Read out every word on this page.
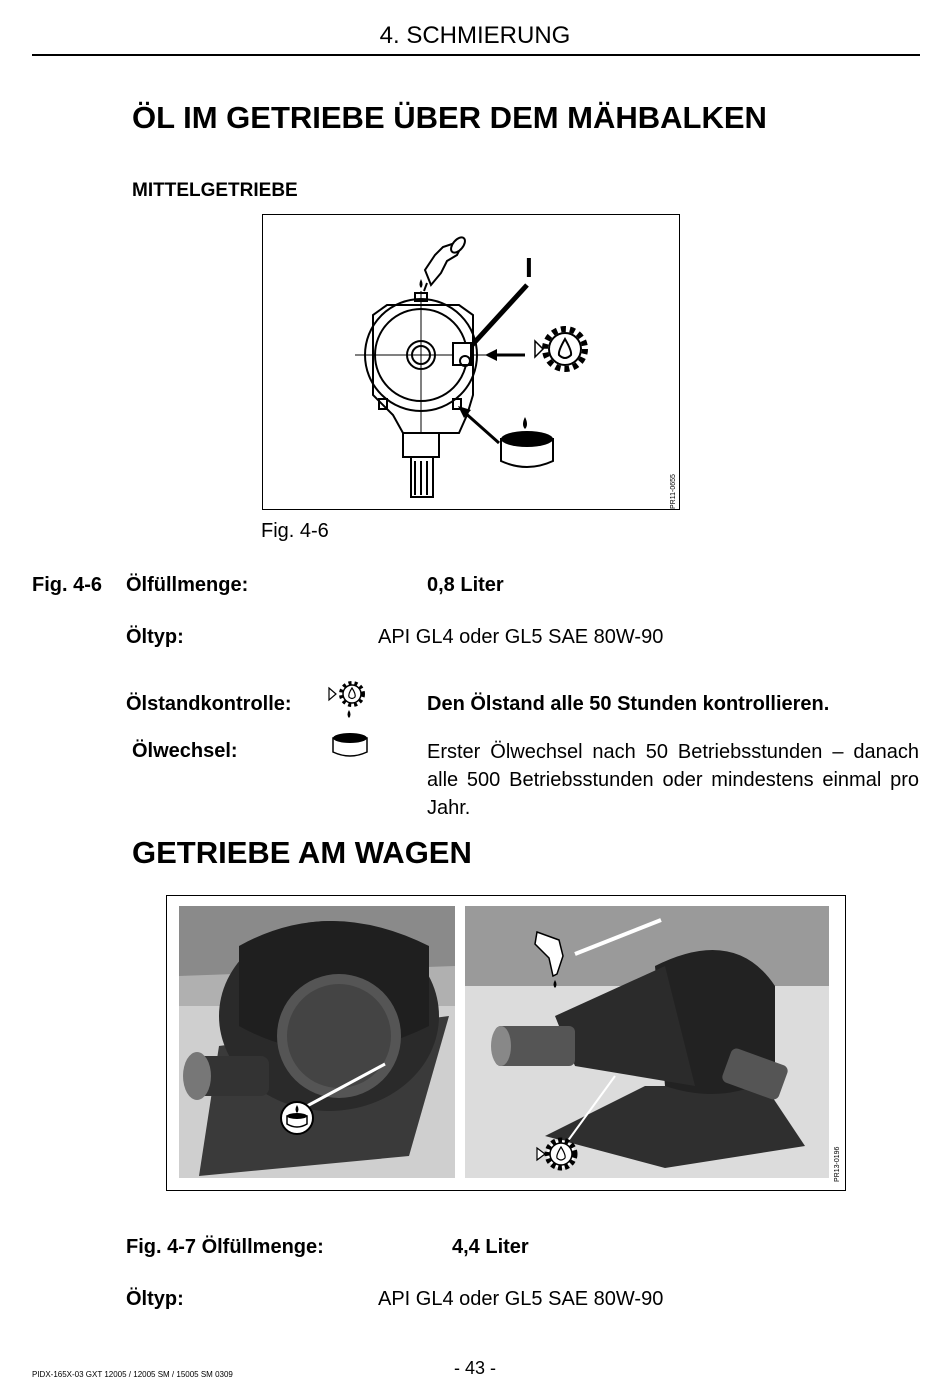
4. SCHMIERUNG
ÖL IM GETRIEBE ÜBER DEM MÄHBALKEN
MITTELGETRIEBE
I
PR11-0655
Fig. 4-6
Fig. 4-6 Ölfüllmenge:	0,8 Liter
Öltyp:	API GL4 oder GL5 SAE 80W-90
Ölstandkontrolle:	Den Ölstand alle 50 Stunden kontrollieren.
Ölwechsel:	Erster Ölwechsel nach 50 Betriebsstunden – danach alle 500 Betriebsstunden oder mindestens einmal pro Jahr.
GETRIEBE AM WAGEN
PR13-0196
Fig. 4-7 Ölfüllmenge:	4,4 Liter
Öltyp:	API GL4 oder GL5 SAE 80W-90
- 43 -
PIDX-165X-03 GXT 12005 / 12005 SM / 15005 SM 0309
